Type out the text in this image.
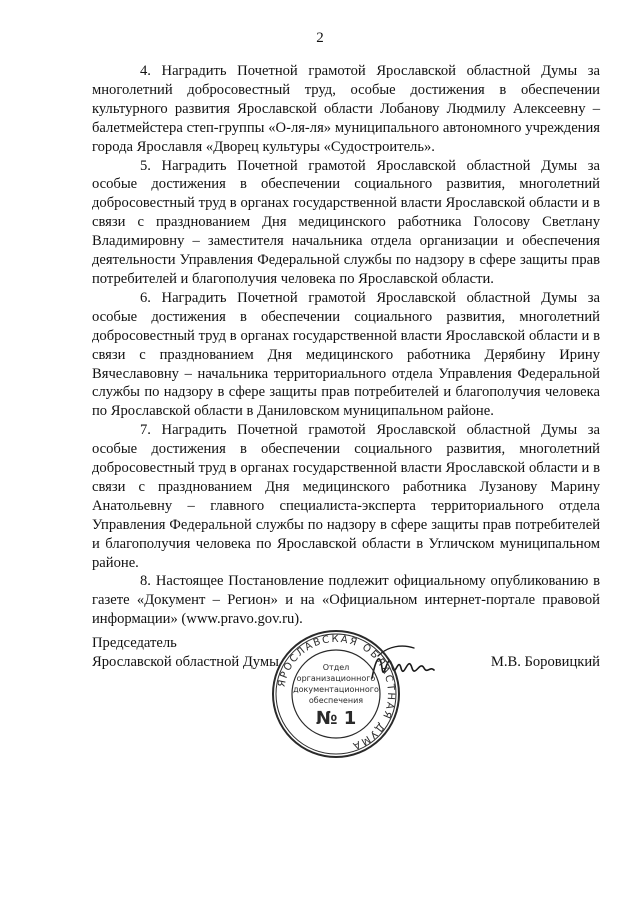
2

4. Наградить Почетной грамотой Ярославской областной Думы за многолетний добросовестный труд, особые достижения в обеспечении культурного развития Ярославской области Лобанову Людмилу Алексеевну – балетмейстера степ-группы «О-ля-ля» муниципального автономного учреждения города Ярославля «Дворец культуры «Судостроитель».

5. Наградить Почетной грамотой Ярославской областной Думы за особые достижения в обеспечении социального развития, многолетний добросовестный труд в органах государственной власти Ярославской области и в связи с празднованием Дня медицинского работника Голосову Светлану Владимировну – заместителя начальника отдела организации и обеспечения деятельности Управления Федеральной службы по надзору в сфере защиты прав потребителей и благополучия человека по Ярославской области.

6. Наградить Почетной грамотой Ярославской областной Думы за особые достижения в обеспечении социального развития, многолетний добросовестный труд в органах государственной власти Ярославской области и в связи с празднованием Дня медицинского работника Дерябину Ирину Вячеславовну – начальника территориального отдела Управления Федеральной службы по надзору в сфере защиты прав потребителей и благополучия человека по Ярославской области в Даниловском муниципальном районе.

7. Наградить Почетной грамотой Ярославской областной Думы за особые достижения в обеспечении социального развития, многолетний добросовестный труд в органах государственной власти Ярославской области и в связи с празднованием Дня медицинского работника Лузанову Марину Анатольевну – главного специалиста-эксперта территориального отдела Управления Федеральной службы по надзору в сфере защиты прав потребителей и благополучия человека по Ярославской области в Угличском муниципальном районе.

8. Настоящее Постановление подлежит официальному опубликованию в газете «Документ – Регион» и на «Официальном интернет-портале правовой информации» (www.pravo.gov.ru).

Председатель
Ярославской областной Думы	М.В. Боровицкий
ЯРОСЛАВСКАЯ ОБЛАСТНАЯ ДУМА
Отдел
организационного
документационного
обеспечения
№ 1
